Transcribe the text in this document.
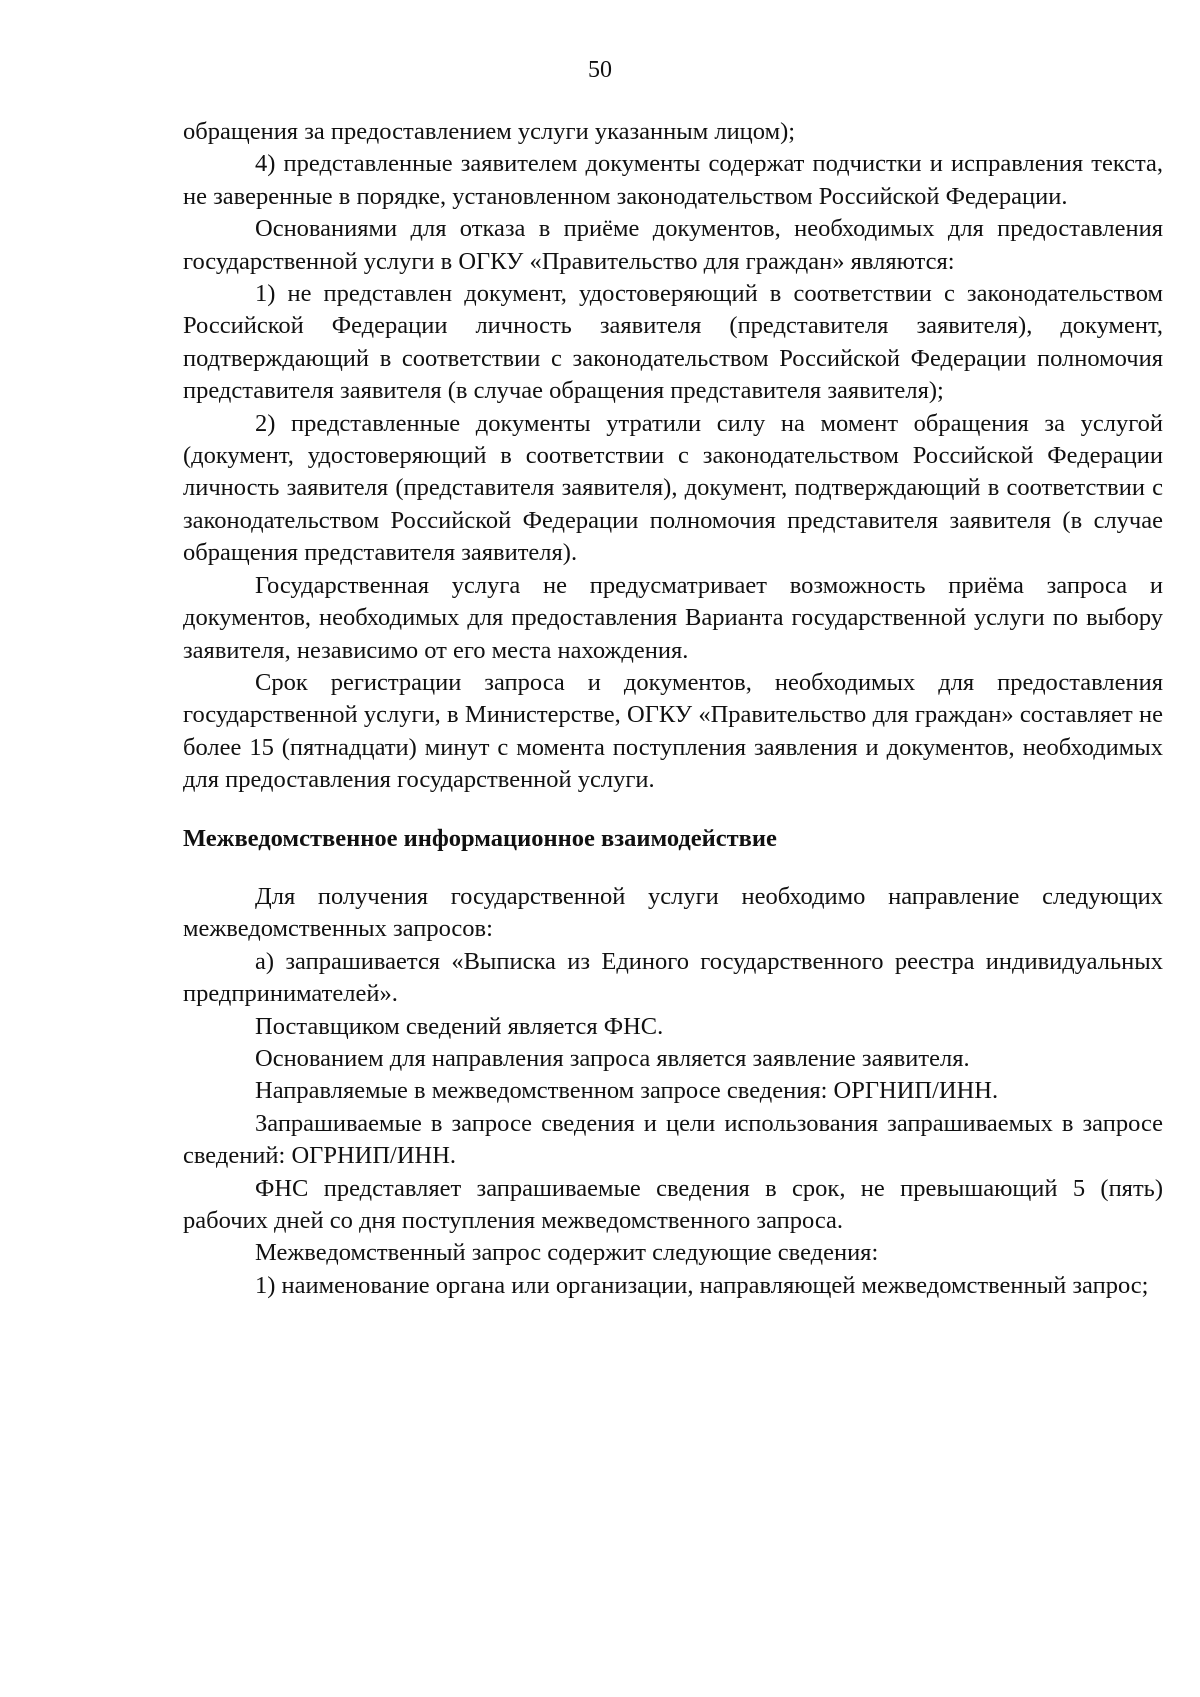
50

обращения за предоставлением услуги указанным лицом);

4) представленные заявителем документы содержат подчистки и исправления текста, не заверенные в порядке, установленном законодательством Российской Федерации.

Основаниями для отказа в приёме документов, необходимых для предоставления государственной услуги в ОГКУ «Правительство для граждан» являются:

1) не представлен документ, удостоверяющий в соответствии с законодательством Российской Федерации личность заявителя (представителя заявителя), документ, подтверждающий в соответствии с законодательством Российской Федерации полномочия представителя заявителя (в случае обращения представителя заявителя);

2) представленные документы утратили силу на момент обращения за услугой (документ, удостоверяющий в соответствии с законодательством Российской Федерации личность заявителя (представителя заявителя), документ, подтверждающий в соответствии с законодательством Российской Федерации полномочия представителя заявителя (в случае обращения представителя заявителя).

Государственная услуга не предусматривает возможность приёма запроса и документов, необходимых для предоставления Варианта государственной услуги по выбору заявителя, независимо от его места нахождения.

Срок регистрации запроса и документов, необходимых для предоставления государственной услуги, в Министерстве, ОГКУ «Правительство для граждан» составляет не более 15 (пятнадцати) минут с момента поступления заявления и документов, необходимых для предоставления государственной услуги.

Межведомственное информационное взаимодействие

Для получения государственной услуги необходимо направление следующих межведомственных запросов:

а) запрашивается «Выписка из Единого государственного реестра индивидуальных предпринимателей».

Поставщиком сведений является ФНС.

Основанием для направления запроса является заявление заявителя.

Направляемые в межведомственном запросе сведения: ОРГНИП/ИНН.

Запрашиваемые в запросе сведения и цели использования запрашиваемых в запросе сведений: ОГРНИП/ИНН.

ФНС представляет запрашиваемые сведения в срок, не превышающий 5 (пять) рабочих дней со дня поступления межведомственного запроса.

Межведомственный запрос содержит следующие сведения:

1) наименование органа или организации, направляющей межведомственный запрос;
